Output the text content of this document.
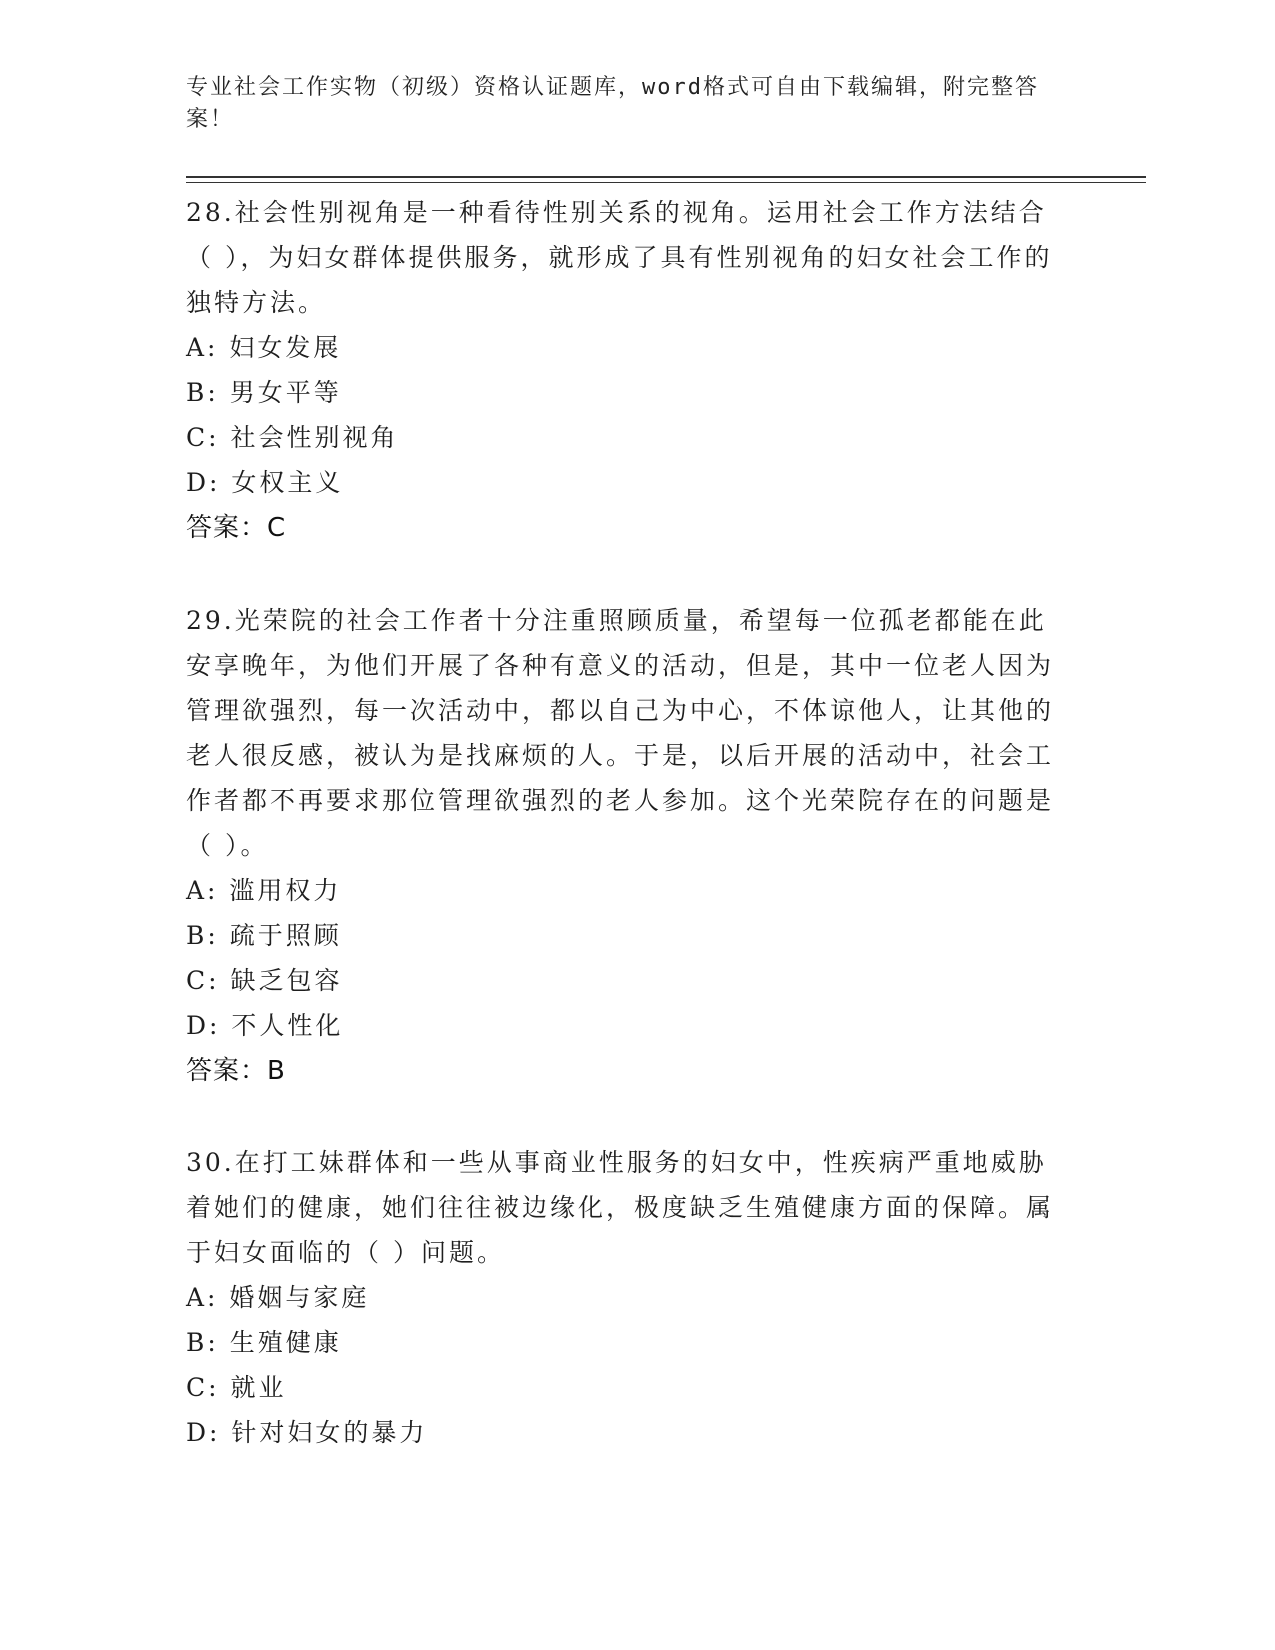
专业社会工作实物（初级）资格认证题库，word格式可自由下载编辑，附完整答案！

28.社会性别视角是一种看待性别关系的视角。运用社会工作方法结合（ ），为妇女群体提供服务，就形成了具有性别视角的妇女社会工作的独特方法。

A: 妇女发展

B: 男女平等

C: 社会性别视角

D: 女权主义

答案：C

29.光荣院的社会工作者十分注重照顾质量，希望每一位孤老都能在此安享晚年，为他们开展了各种有意义的活动，但是，其中一位老人因为管理欲强烈，每一次活动中，都以自己为中心，不体谅他人，让其他的老人很反感，被认为是找麻烦的人。于是，以后开展的活动中，社会工作者都不再要求那位管理欲强烈的老人参加。这个光荣院存在的问题是（ ）。

A: 滥用权力

B: 疏于照顾

C: 缺乏包容

D: 不人性化

答案：B

30.在打工妹群体和一些从事商业性服务的妇女中，性疾病严重地威胁着她们的健康，她们往往被边缘化，极度缺乏生殖健康方面的保障。属于妇女面临的（ ）问题。

A: 婚姻与家庭

B: 生殖健康

C: 就业

D: 针对妇女的暴力
